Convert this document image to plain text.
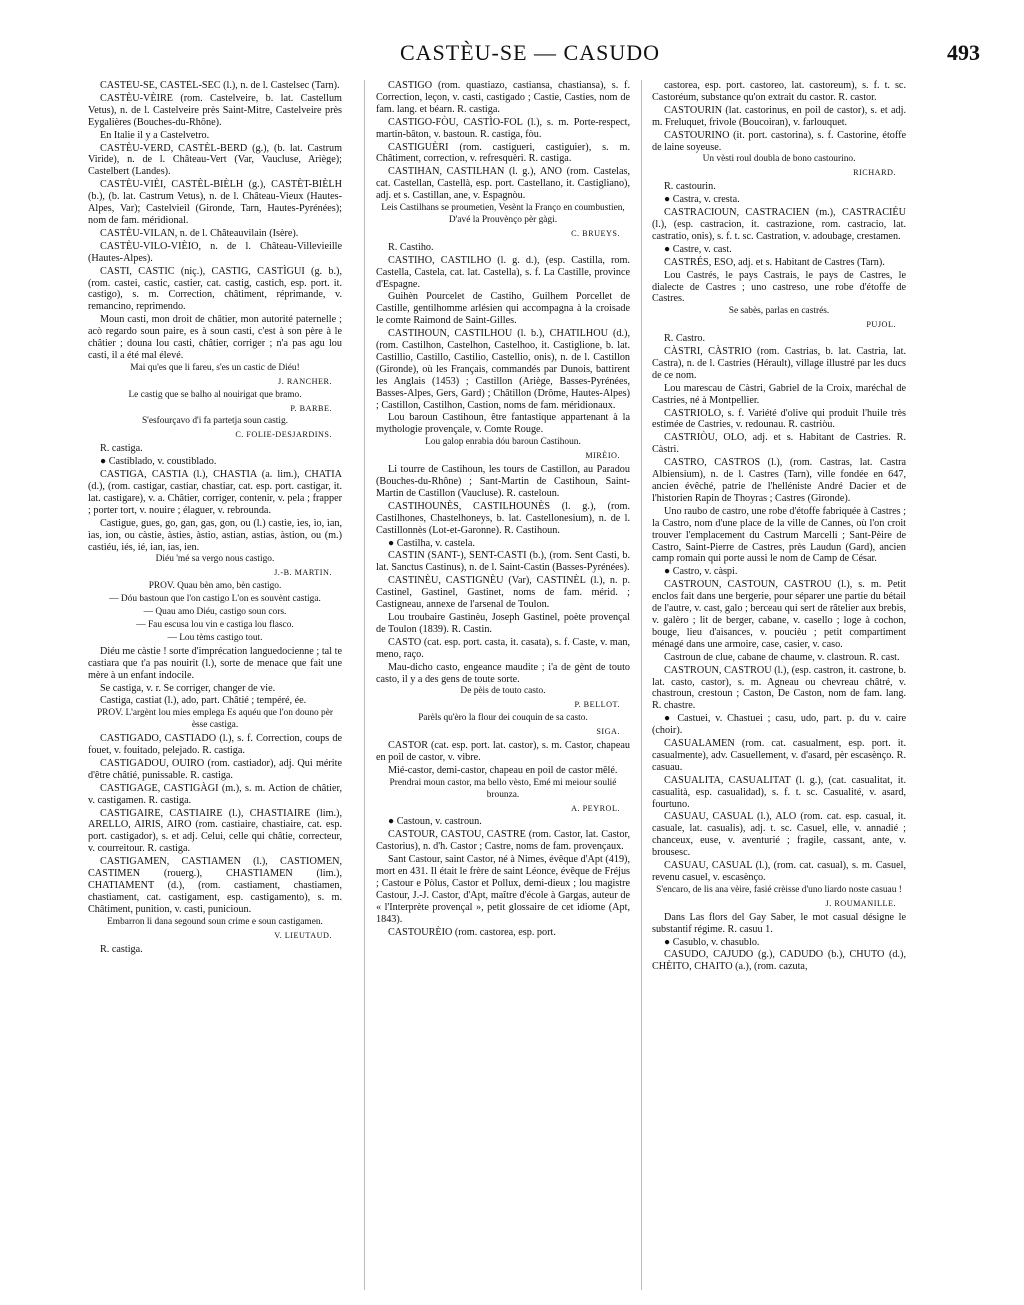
CASTÈU-SE — CASUDO	493

CASTÈU-SE, CASTÈL-SEC (l.), n. de l. Castelsec (Tarn).

CASTÈU-VÈIRE (rom. Castelveire, b. lat. Castellum Vetus), n. de l. Castelveire près Saint-Mitre, Castelveire près Eygalières (Bouches-du-Rhône).

En Italie il y a Castelvetro.

CASTÈU-VERD, CASTÈL-BERD (g.), (b. lat. Castrum Viride), n. de l. Château-Vert (Var, Vaucluse, Ariège); Castelbert (Landes).

CASTÈU-VIÈI, CASTÈL-BIÈLH (g.), CASTÈT-BIÈLH (b.), (b. lat. Castrum Vetus), n. de l. Château-Vieux (Hautes-Alpes, Var); Castelvieil (Gironde, Tarn, Hautes-Pyrénées); nom de fam. méridional.

CASTÈU-VILAN, n. de l. Châteauvilain (Isère).

CASTÈU-VILO-VIÈIO, n. de l. Château-Villevieille (Hautes-Alpes).

CASTI, CASTIC (niç.), CASTIG, CASTÌGUI (g. b.), (rom. castei, castic, castier, cat. castig, castich, esp. port. it. castigo), s. m. Correction, châtiment, réprimande, v. remancino, reprimendo.

Moun casti, mon droit de châtier, mon autorité paternelle ; acò regardo soun paire, es à soun casti, c'est à son père à le châtier ; douna lou casti, châtier, corriger ; n'a pas agu lou casti, il a été mal élevé.

Mai qu'es que li fareu, s'es un castic de Diéu!

J. RANCHER.

Le castig que se balho al nouirigat que bramo.

P. BARBE.

S'esfourçavo d'i fa partetja soun castig.

C. FOLIE-DESJARDINS.

R. castiga.

● Castiblado, v. coustiblado.

CASTIGA, CASTIA (l.), CHASTIA (a. lim.), CHATIA (d.), (rom. castigar, castiar, chastiar, cat. esp. port. castigar, it. lat. castigare), v. a. Châtier, corriger, contenir, v. pela ; frapper ; porter tort, v. nouire ; élaguer, v. rebrounda.

Castigue, gues, go, gan, gas, gon, ou (l.) castìe, ìes, ìo, ìan, ìas, ìon, ou càstie, àsties, àstio, astian, astias, àstion, ou (m.) castìéu, iés, ié, ian, ias, ien.

Diéu 'mé sa vergo nous castigo.

J.-B. MARTIN.

PROV. Quau bèn amo, bèn castigo.

— Dóu bastoun que l'on castigo L'on es souvènt castiga.

— Quau amo Diéu, castigo soun cors.

— Fau escusa lou vin e castiga lou flasco.

— Lou tèms castigo tout.

Diéu me càstie ! sorte d'imprécation languedocienne ; tal te castiara que t'a pas nouirit (l.), sorte de menace que fait une mère à un enfant indocile.

Se castiga, v. r. Se corriger, changer de vie.

Castiga, castiat (l.), ado, part. Châtié ; tempéré, ée.

PROV. L'argènt lou mies emplega Es aquéu que l'on douno pèr èsse castiga.

CASTIGADO, CASTIADO (l.), s. f. Correction, coups de fouet, v. fouitado, pelejado. R. castiga.

CASTIGADOU, OUIRO (rom. castiador), adj. Qui mérite d'être châtié, punissable. R. castiga.

CASTIGAGE, CASTIGÀGI (m.), s. m. Action de châtier, v. castigamen. R. castiga.

CASTIGAIRE, CASTIAIRE (l.), CHASTIAIRE (lim.), ARELLO, AIRIS, AIRO (rom. castiaire, chastiaire, cat. esp. port. castigador), s. et adj. Celui, celle qui châtie, correcteur, v. courreitour. R. castiga.

CASTIGAMEN, CASTIAMEN (l.), CASTIOMEN, CASTIMEN (rouerg.), CHASTIAMEN (lim.), CHATIAMENT (d.), (rom. castiament, chastiamen, chastiament, cat. castigament, esp. castigamento), s. m. Châtiment, punition, v. casti, punicioun.

Embarron li dana segound soun crime e soun castigamen.

V. LIEUTAUD.

R. castiga.

CASTIGO (rom. quastiazo, castiansa, chastiansa), s. f. Correction, leçon, v. casti, castigado ; Castie, Casties, nom de fam. lang. et béarn. R. castiga.

CASTIGO-FÒU, CASTÌO-FOL (l.), s. m. Porte-respect, martin-bâton, v. bastoun. R. castiga, fòu.

CASTIGUÈRI (rom. castigueri, castiguier), s. m. Châtiment, correction, v. refresquèri. R. castiga.

CASTIHAN, CASTILHAN (l. g.), ANO (rom. Castelas, cat. Castellan, Castellà, esp. port. Castellano, it. Castigliano), adj. et s. Castillan, ane, v. Espagnòu.

Leis Castilhans se proumetien, Vesènt la Franço en coumbustien, D'avé la Prouvènço pèr gàgi.

C. BRUEYS.

R. Castiho.

CASTIHO, CASTILHO (l. g. d.), (esp. Castilla, rom. Castella, Castela, cat. lat. Castella), s. f. La Castille, province d'Espagne.

Guihèn Pourcelet de Castiho, Guilhem Porcellet de Castille, gentilhomme arlésien qui accompagna à la croisade le comte Raimond de Saint-Gilles.

CASTIHOUN, CASTILHOU (l. b.), CHATILHOU (d.), (rom. Castilhon, Castelhon, Castelhoo, it. Castiglione, b. lat. Castillio, Castillo, Castilio, Castellio, onis), n. de l. Castillon (Gironde), où les Français, commandés par Dunois, battirent les Anglais (1453) ; Castillon (Ariège, Basses-Pyrénées, Basses-Alpes, Gers, Gard) ; Châtillon (Drôme, Hautes-Alpes) ; Castillon, Castilhon, Castion, noms de fam. méridionaux.

Lou baroun Castihoun, être fantastique appartenant à la mythologie provençale, v. Comte Rouge.

Lou galop enrabia dóu baroun Castihoun.

MIRÈIO.

Li tourre de Castihoun, les tours de Castillon, au Paradou (Bouches-du-Rhône) ; Sant-Martin de Castihoun, Saint-Martin de Castillon (Vaucluse). R. casteloun.

CASTIHOUNÈS, CASTILHOUNÈS (l. g.), (rom. Castilhones, Chastelhoneys, b. lat. Castellonesium), n. de l. Castillonnès (Lot-et-Garonne). R. Castihoun.

● Castilha, v. castela.

CASTIN (SANT-), SENT-CASTI (b.), (rom. Sent Casti, b. lat. Sanctus Castinus), n. de l. Saint-Castin (Basses-Pyrénées).

CASTINÈU, CASTIGNÈU (Var), CASTINÈL (l.), n. p. Castinel, Gastinel, Gastinet, noms de fam. mérid. ; Castigneau, annexe de l'arsenal de Toulon.

Lou troubaire Gastinèu, Joseph Gastinel, poète provençal de Toulon (1839). R. Castin.

CASTO (cat. esp. port. casta, it. casata), s. f. Caste, v. man, meno, raço.

Mau-dicho casto, engeance maudite ; i'a de gènt de touto casto, il y a des gens de toute sorte.

De pèis de touto casto.

P. BELLOT.

Parèls qu'èro la flour dei couquin de sa casto.

SIGA.

CASTOR (cat. esp. port. lat. castor), s. m. Castor, chapeau en poil de castor, v. vibre.

Mié-castor, demi-castor, chapeau en poil de castor mêlé.

Prendrai moun castor, ma bello vèsto, Emé mi meiour soulié brounza.

A. PEYROL.

● Castoun, v. castroun.

CASTOUR, CASTOU, CASTRE (rom. Castor, lat. Castor, Castorius), n. d'h. Castor ; Castre, noms de fam. provençaux.

Sant Castour, saint Castor, né à Nimes, évêque d'Apt (419), mort en 431. Il était le frère de saint Léonce, évêque de Fréjus ; Castour e Pòlus, Castor et Pollux, demi-dieux ; lou magistre Castour, J.-J. Castor, d'Apt, maître d'école à Gargas, auteur de « l'Interprète provençal », petit glossaire de cet idiome (Apt, 1843).

CASTOURÈIO (rom. castorea, esp. port.

castorea, esp. port. castoreo, lat. castoreum), s. f. t. sc. Castoréum, substance qu'on extrait du castor. R. castor.

CASTOURIN (lat. castorinus, en poil de castor), s. et adj. m. Freluquet, frivole (Boucoiran), v. farlouquet.

CASTOURINO (it. port. castorina), s. f. Castorine, étoffe de laine soyeuse.

Un vèsti roul doubla de bono castourino.

RICHARD.

R. castourin.

● Castra, v. cresta.

CASTRACIOUN, CASTRACIEN (m.), CASTRACIÉU (l.), (esp. castracion, it. castrazione, rom. castracio, lat. castratio, onis), s. f. t. sc. Castration, v. adoubage, crestamen.

● Castre, v. cast.

CASTRÉS, ESO, adj. et s. Habitant de Castres (Tarn).

Lou Castrés, le pays Castrais, le pays de Castres, le dialecte de Castres ; uno castreso, une robe d'étoffe de Castres.

Se sabès, parlas en castrés.

PUJOL.

R. Castro.

CÀSTRI, CÀSTRIO (rom. Castrias, b. lat. Castria, lat. Castra), n. de l. Castries (Hérault), village illustré par les ducs de ce nom.

Lou marescau de Càstri, Gabriel de la Croix, maréchal de Castries, né à Montpellier.

CASTRIOLO, s. f. Variété d'olive qui produit l'huile très estimée de Castries, v. redounau. R. castriòu.

CASTRIÒU, OLO, adj. et s. Habitant de Castries. R. Càstri.

CASTRO, CASTROS (l.), (rom. Castras, lat. Castra Albiensium), n. de l. Castres (Tarn), ville fondée en 647, ancien évêché, patrie de l'helléniste André Dacier et de l'historien Rapin de Thoyras ; Castres (Gironde).

Uno raubo de castro, une robe d'étoffe fabriquée à Castres ; la Castro, nom d'une place de la ville de Cannes, où l'on croit trouver l'emplacement du Castrum Marcelli ; Sant-Pèire de Castro, Saint-Pierre de Castres, près Laudun (Gard), ancien camp romain qui porte aussi le nom de Camp de César.

● Castro, v. càspi.

CASTROUN, CASTOUN, CASTROU (l.), s. m. Petit enclos fait dans une bergerie, pour séparer une partie du bétail de l'autre, v. cast, galo ; berceau qui sert de râtelier aux brebis, v. galèro ; lit de berger, cabane, v. casello ; loge à cochon, bouge, lieu d'aisances, v. poucièu ; petit compartiment ménagé dans une armoire, case, casier, v. caso.

Castroun de clue, cabane de chaume, v. clastroun. R. cast.

CASTROUN, CASTROU (l.), (esp. castron, it. castrone, b. lat. casto, castor), s. m. Agneau ou chevreau châtré, v. chastroun, crestoun ; Caston, De Caston, nom de fam. lang. R. chastre.

● Castuei, v. Chastuei ; casu, udo, part. p. du v. caire (choir).

CASUALAMEN (rom. cat. casualment, esp. port. it. casualmente), adv. Casuellement, v. d'asard, pèr escasènço. R. casuau.

CASUALITA, CASUALITAT (l. g.), (cat. casualitat, it. casualità, esp. casualidad), s. f. t. sc. Casualité, v. asard, fourtuno.

CASUAU, CASUAL (l.), ALO (rom. cat. esp. casual, it. casuale, lat. casualis), adj. t. sc. Casuel, elle, v. annadié ; chanceux, euse, v. aventurié ; fragile, cassant, ante, v. brousesc.

CASUAU, CASUAL (l.), (rom. cat. casual), s. m. Casuel, revenu casuel, v. escasènço.

S'encaro, de lis ana vèire, fasié crèisse d'uno liardo noste casuau !

J. ROUMANILLE.

Dans Las flors del Gay Saber, le mot casual désigne le substantif régime. R. casuu 1.

● Casublo, v. chasublo.

CASUDO, CAJUDO (g.), CADUDO (b.), CHUTO (d.), CHÈITO, CHAITO (a.), (rom. cazuta,
